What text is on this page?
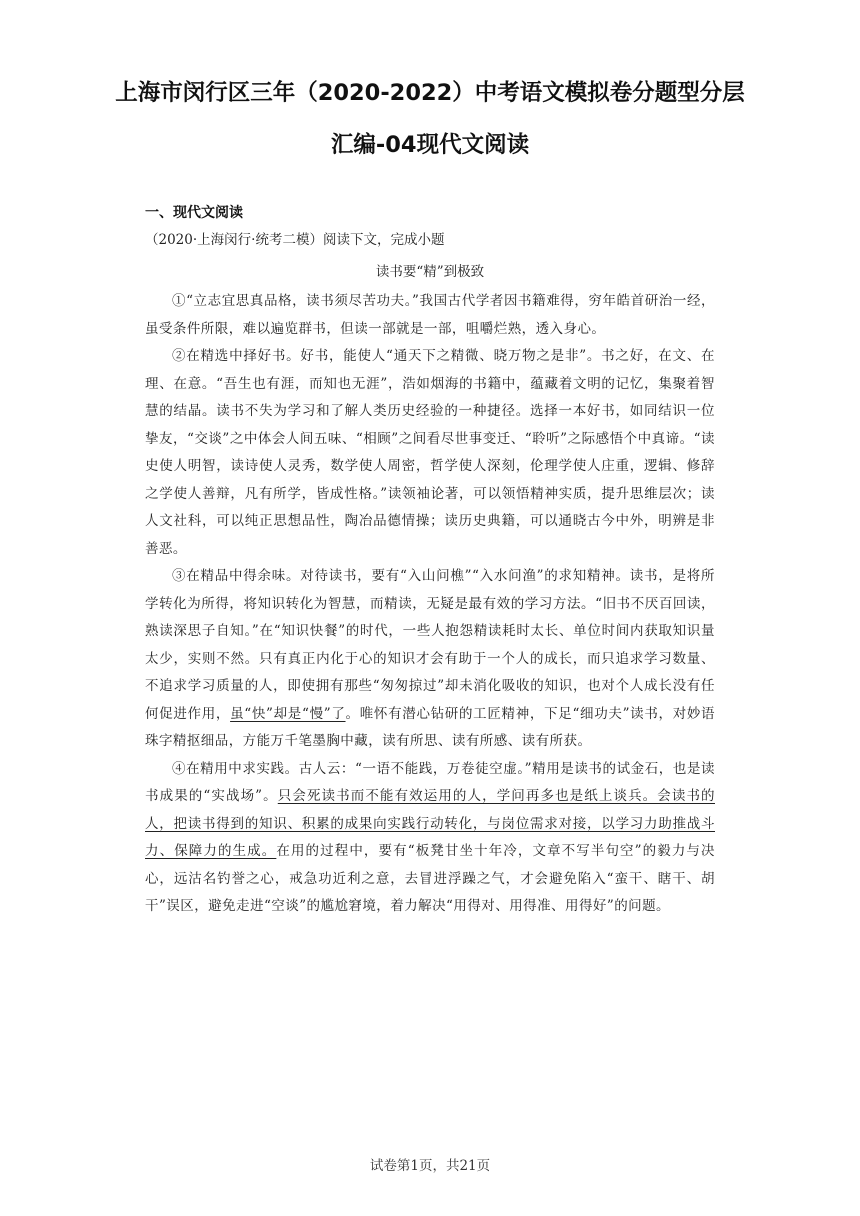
上海市闵行区三年（2020-2022）中考语文模拟卷分题型分层
汇编-04现代文阅读
一、现代文阅读
（2020·上海闵行·统考二模）阅读下文，完成小题
读书要“精”到极致

①“立志宜思真品格，读书须尽苦功夫。”我国古代学者因书籍难得，穷年皓首研治一经，虽受条件所限，难以遍览群书，但读一部就是一部，咀嚼烂熟，透入身心。

②在精选中择好书。好书，能使人“通天下之精微、晓万物之是非”。书之好，在文、在理、在意。“吾生也有涯，而知也无涯”，浩如烟海的书籍中，蕴藏着文明的记忆，集聚着智慧的结晶。读书不失为学习和了解人类历史经验的一种捷径。选择一本好书，如同结识一位挚友，“交谈”之中体会人间五味、“相顾”之间看尽世事变迁、“聆听”之际感悟个中真谛。“读史使人明智，读诗使人灵秀，数学使人周密，哲学使人深刻，伦理学使人庄重，逻辑、修辞之学使人善辩，凡有所学，皆成性格。”读领袖论著，可以领悟精神实质，提升思维层次；读人文社科，可以纯正思想品性，陶冶品德情操；读历史典籍，可以通晓古今中外，明辨是非善恶。

③在精品中得余味。对待读书，要有“入山问樵”“入水问渔”的求知精神。读书，是将所学转化为所得，将知识转化为智慧，而精读，无疑是最有效的学习方法。“旧书不厌百回读，熟读深思子自知。”在“知识快餐”的时代，一些人抱怨精读耗时太长、单位时间内获取知识量太少，实则不然。只有真正内化于心的知识才会有助于一个人的成长，而只追求学习数量、不追求学习质量的人，即使拥有那些“匆匆掠过”却未消化吸收的知识，也对个人成长没有任何促进作用，虽“快”却是“慢”了。唯怀有潜心钻研的工匠精神，下足“细功夫”读书，对妙语珠字精抠细品，方能万千笔墨胸中藏，读有所思、读有所感、读有所获。

④在精用中求实践。古人云：“一语不能践，万卷徒空虚。”精用是读书的试金石，也是读书成果的“实战场”。只会死读书而不能有效运用的人，学问再多也是纸上谈兵。会读书的人，把读书得到的知识、积累的成果向实践行动转化，与岗位需求对接，以学习力助推战斗力、保障力的生成。在用的过程中，要有“板凳甘坐十年冷，文章不写半句空”的毅力与决心，远沽名钓誉之心，戒急功近利之意，去冒进浮躁之气，才会避免陷入“蛮干、瞎干、胡干”误区，避免走进“空谈”的尴尬窘境，着力解决“用得对、用得准、用得好”的问题。

试卷第1页，共21页
